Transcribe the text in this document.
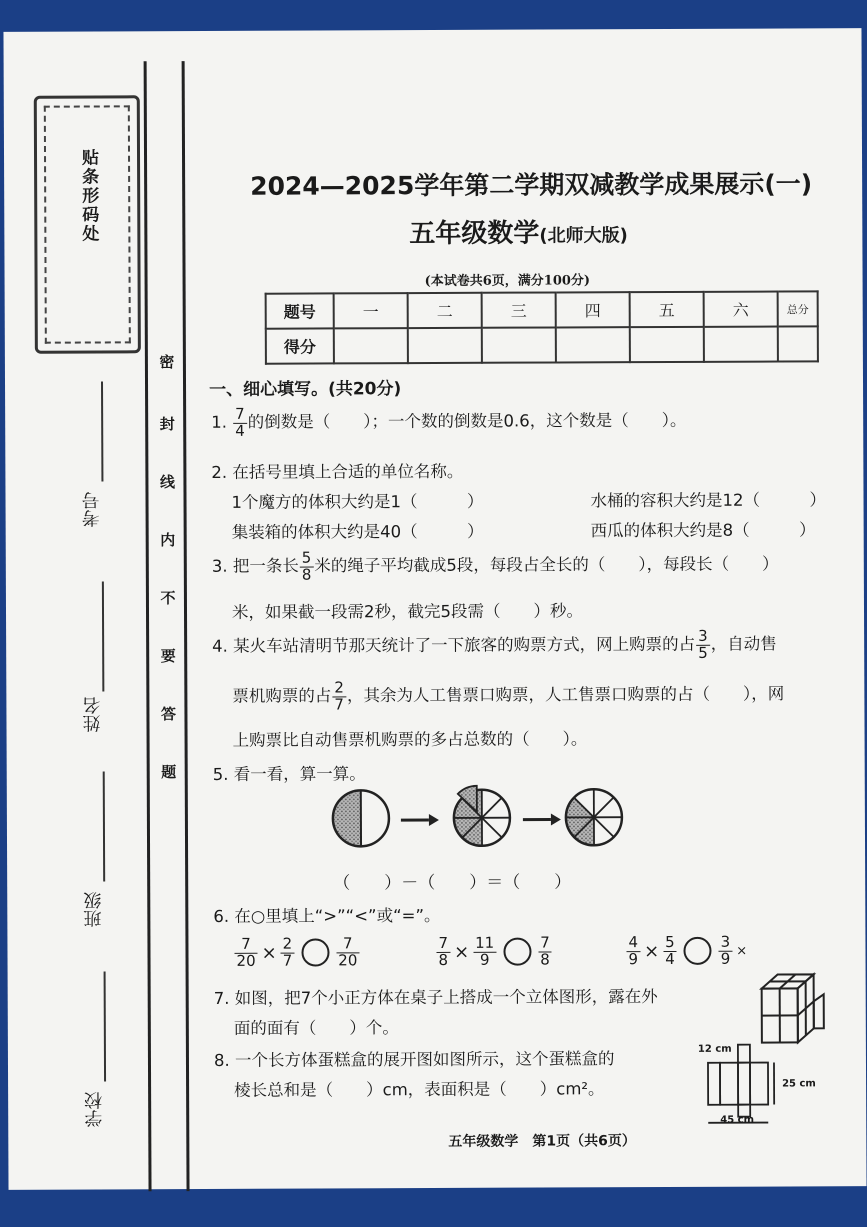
贴条形码处
考号
姓名
班级
学校
密
封
线
内
不
要
答
题
2024—2025学年第二学期双减教学成果展示(一)
五年级数学(北师大版)
(本试卷共6页，满分100分)
题号	一	二	三	四	五	六	总分
得分							
一、细心填写。(共20分)
1. $\frac{7}{4}$ 的倒数是（　　）；一个数的倒数是0.6，这个数是（　　）。
2. 在括号里填上合适的单位名称。
1个魔方的体积大约是1（　　　）	水桶的容积大约是12（　　　）
集装箱的体积大约是40（　　　）	西瓜的体积大约是8（　　　）
3. 把一条长 $\frac{5}{8}$ 米的绳子平均截成5段，每段占全长的（　　），每段长（　　）
米，如果截一段需2秒，截完5段需（　　）秒。
4. 某火车站清明节那天统计了一下旅客的购票方式，网上购票的占 $\frac{3}{5}$ ，自动售
票机购票的占 $\frac{2}{7}$ ，其余为人工售票口购票，人工售票口购票的占（　　），网
上购票比自动售票机购票的多占总数的（　　）。
5. 看一看，算一算。
（　　）－（　　）＝（　　）
6. 在○里填上“>”“<”或“=”。
$\frac{7}{20} \times \frac{2}{7}$	$\frac{7}{20}$	$\frac{7}{8} \times \frac{11}{9}$	$\frac{7}{8}$	$\frac{4}{9} \times \frac{5}{4}$	$\frac{3}{9}$ ×
7. 如图，把7个小正方体在桌子上搭成一个立体图形，露在外
面的面有（　　）个。
8. 一个长方体蛋糕盒的展开图如图所示，这个蛋糕盒的
棱长总和是（　　）cm，表面积是（　　）cm²。
12 cm
25 cm
45 cm
五年级数学　第1页（共6页）
